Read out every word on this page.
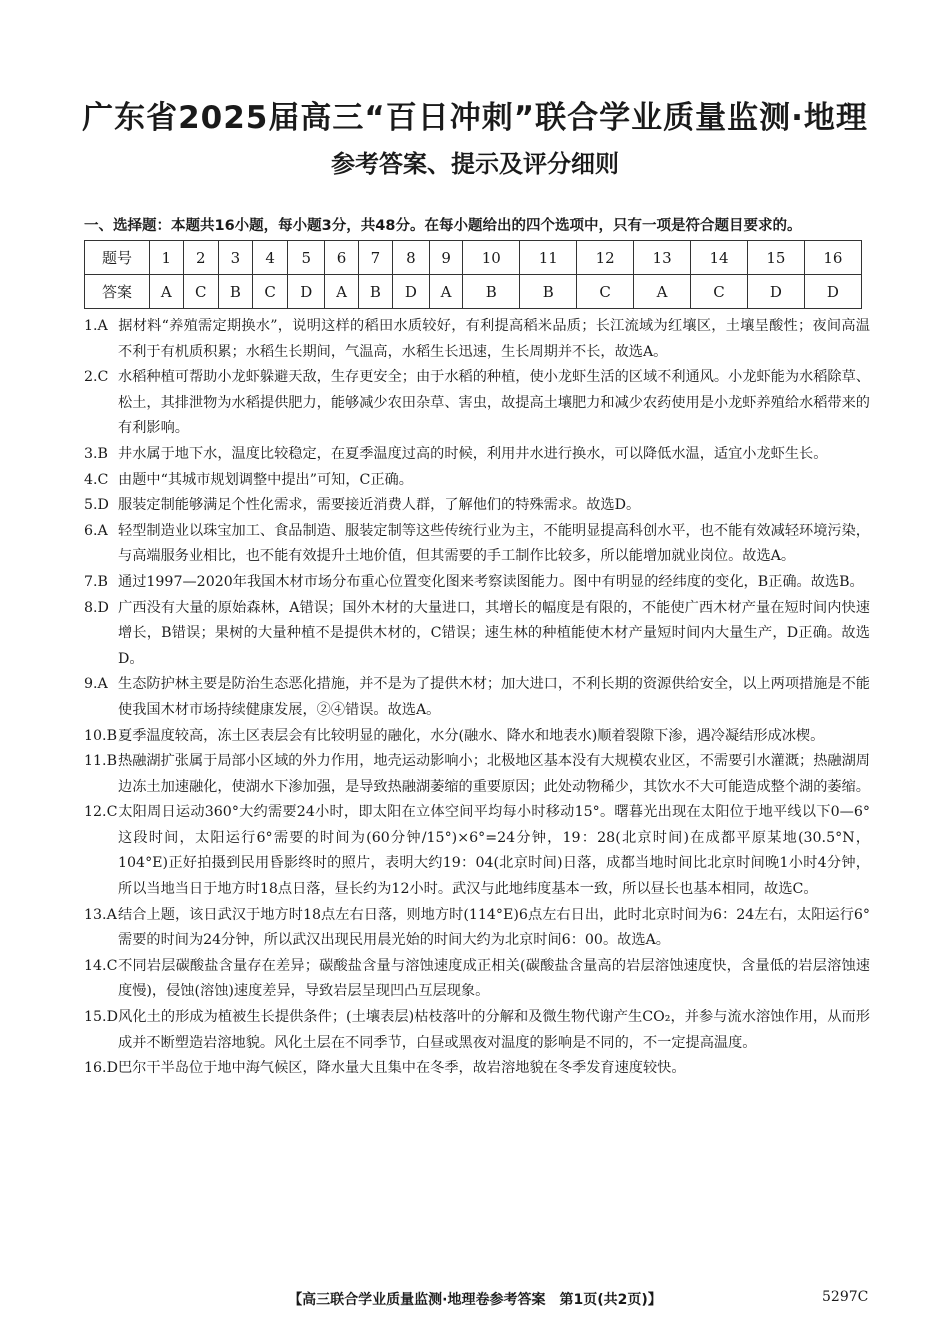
广东省2025届高三“百日冲刺”联合学业质量监测·地理
参考答案、提示及评分细则
一、选择题：本题共16小题，每小题3分，共48分。在每小题给出的四个选项中，只有一项是符合题目要求的。
题号	1	2	3	4	5	6	7	8	9	10	11	12	13	14	15	16
答案	A	C	B	C	D	A	B	D	A	B	B	C	A	C	D	D

1.A 据材料“养殖需定期换水”，说明这样的稻田水质较好，有利提高稻米品质；长江流域为红壤区，土壤呈酸性；夜间高温不利于有机质积累；水稻生长期间，气温高，水稻生长迅速，生长周期并不长，故选A。

2.C 水稻种植可帮助小龙虾躲避天敌，生存更安全；由于水稻的种植，使小龙虾生活的区域不利通风。小龙虾能为水稻除草、松土，其排泄物为水稻提供肥力，能够减少农田杂草、害虫，故提高土壤肥力和减少农药使用是小龙虾养殖给水稻带来的有利影响。

3.B 井水属于地下水，温度比较稳定，在夏季温度过高的时候，利用井水进行换水，可以降低水温，适宜小龙虾生长。

4.C 由题中“其城市规划调整中提出”可知，C正确。

5.D 服装定制能够满足个性化需求，需要接近消费人群，了解他们的特殊需求。故选D。

6.A 轻型制造业以珠宝加工、食品制造、服装定制等这些传统行业为主，不能明显提高科创水平，也不能有效减轻环境污染，与高端服务业相比，也不能有效提升土地价值，但其需要的手工制作比较多，所以能增加就业岗位。故选A。

7.B 通过1997—2020年我国木材市场分布重心位置变化图来考察读图能力。图中有明显的经纬度的变化，B正确。故选B。

8.D 广西没有大量的原始森林，A错误；国外木材的大量进口，其增长的幅度是有限的，不能使广西木材产量在短时间内快速增长，B错误；果树的大量种植不是提供木材的，C错误；速生林的种植能使木材产量短时间内大量生产，D正确。故选D。

9.A 生态防护林主要是防治生态恶化措施，并不是为了提供木材；加大进口，不利长期的资源供给安全，以上两项措施是不能使我国木材市场持续健康发展，②④错误。故选A。

10.B夏季温度较高，冻土区表层会有比较明显的融化，水分(融水、降水和地表水)顺着裂隙下渗，遇冷凝结形成冰楔。

11.B热融湖扩张属于局部小区域的外力作用，地壳运动影响小；北极地区基本没有大规模农业区，不需要引水灌溉；热融湖周边冻土加速融化，使湖水下渗加强，是导致热融湖萎缩的重要原因；此处动物稀少，其饮水不大可能造成整个湖的萎缩。

12.C太阳周日运动360°大约需要24小时，即太阳在立体空间平均每小时移动15°。曙暮光出现在太阳位于地平线以下0—6°这段时间，太阳运行6°需要的时间为(60分钟/15°)×6°=24分钟，19：28(北京时间)在成都平原某地(30.5°N，104°E)正好拍摄到民用昏影终时的照片，表明大约19：04(北京时间)日落，成都当地时间比北京时间晚1小时4分钟，所以当地当日于地方时18点日落，昼长约为12小时。武汉与此地纬度基本一致，所以昼长也基本相同，故选C。

13.A结合上题，该日武汉于地方时18点左右日落，则地方时(114°E)6点左右日出，此时北京时间为6：24左右，太阳运行6°需要的时间为24分钟，所以武汉出现民用晨光始的时间大约为北京时间6：00。故选A。

14.C不同岩层碳酸盐含量存在差异；碳酸盐含量与溶蚀速度成正相关(碳酸盐含量高的岩层溶蚀速度快，含量低的岩层溶蚀速度慢)，侵蚀(溶蚀)速度差异，导致岩层呈现凹凸互层现象。

15.D风化土的形成为植被生长提供条件；(土壤表层)枯枝落叶的分解和及微生物代谢产生CO₂，并参与流水溶蚀作用，从而形成并不断塑造岩溶地貌。风化土层在不同季节，白昼或黑夜对温度的影响是不同的，不一定提高温度。

16.D巴尔干半岛位于地中海气候区，降水量大且集中在冬季，故岩溶地貌在冬季发育速度较快。

【高三联合学业质量监测·地理卷参考答案　第1页(共2页)】	5297C
